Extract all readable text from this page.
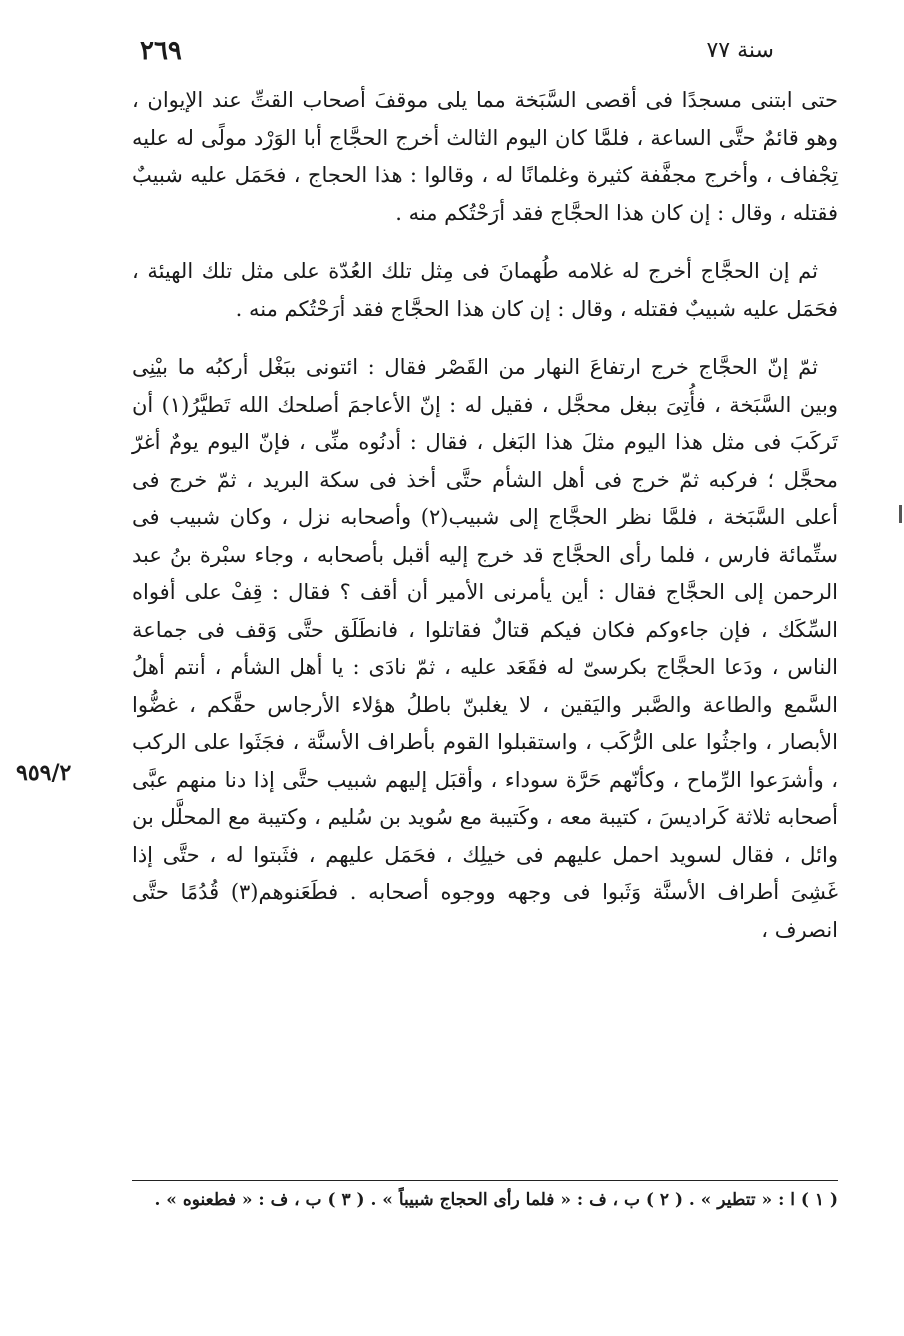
سنة ٧٧
٢٦٩
٩٥٩/٢

حتى ابتنى مسجدًا فى أقصى السَّبَخة مما يلى موقفَ أصحاب القتِّ عند الإيوان ، وهو قائمٌ حتَّى الساعة ، فلمَّا كان اليوم الثالث أخرج الحجَّاج أبا الوَرْد مولًى له عليه تِجْفاف ، وأخرج مجفَّفة كثيرة وغلمانًا له ، وقالوا : هذا الحجاج ، فحَمَل عليه شبيبٌ فقتله ، وقال : إن كان هذا الحجَّاج فقد أرَحْتُكم منه .

ثم إن الحجَّاج أخرج له غلامه طُهمانَ فى مِثل تلك العُدّة على مثل تلك الهيئة ، فحَمَل عليه شبيبٌ فقتله ، وقال : إن كان هذا الحجَّاج فقد أرَحْتُكم منه .

ثمّ إنّ الحجَّاج خرج ارتفاعَ النهار من القَصْر فقال : ائتونى ببَغْل أركبُه ما بيْنِى وبين السَّبَخة ، فأُتِىَ ببغل محجَّل ، فقيل له : إنّ الأعاجمَ أصلحك الله تَطيَّرُ(١) أن تَركَبَ فى مثل هذا اليوم مثلَ هذا البَغل ، فقال : أدنُوه منِّى ، فإنّ اليوم يومٌ أغرّ محجَّل ؛ فركبه ثمّ خرج فى أهل الشأم حتَّى أخذ فى سكة البريد ، ثمّ خرج فى أعلى السَّبَخة ، فلمَّا نظر الحجَّاج إلى شبيب(٢) وأصحابه نزل ، وكان شبيب فى ستِّمائة فارس ، فلما رأى الحجَّاج قد خرج إليه أقبل بأصحابه ، وجاء سبْرة بنُ عبد الرحمن إلى الحجَّاج فقال : أين يأمرنى الأمير أن أقف ؟ فقال : قِفْ على أفواه السِّكَك ، فإن جاءوكم فكان فيكم قتالٌ فقاتلوا ، فانطَلَق حتَّى وَقف فى جماعة الناس ، ودَعا الحجَّاج بكرسىّ له فقَعَد عليه ، ثمّ نادَى : يا أهل الشأم ، أنتم أهلُ السَّمع والطاعة والصَّبر واليَقين ، لا يغلبنّ باطلُ هؤلاء الأرجاس حقَّكم ، غضُّوا الأبصار ، واجثُوا على الرُّكَب ، واستقبلوا القوم بأطراف الأسنَّة ، فجَثَوا على الركب ، وأشرَعوا الرِّماح ، وكأنّهم حَرَّة سوداء ، وأقبَل إليهم شبيب حتَّى إذا دنا منهم عبَّى أصحابه ثلاثة كَراديسَ ، كتيبة معه ، وكَتيبة مع سُويد بن سُليم ، وكتيبة مع المحلَّل بن وائل ، فقال لسويد احمل عليهم فى خيلِك ، فحَمَل عليهم ، فثَبتوا له ، حتَّى إذا غَشِىَ أطراف الأسنَّة وَثَبوا فى وجهه ووجوه أصحابه . فطَعَنوهم(٣) قُدُمًا حتَّى انصرف ،

( ١ ) ا : « تتطير » . ( ٢ ) ب ، ف : « فلما رأى الحجاج شبيباً » . ( ٣ ) ب ، ف : « فطعنوه » .
